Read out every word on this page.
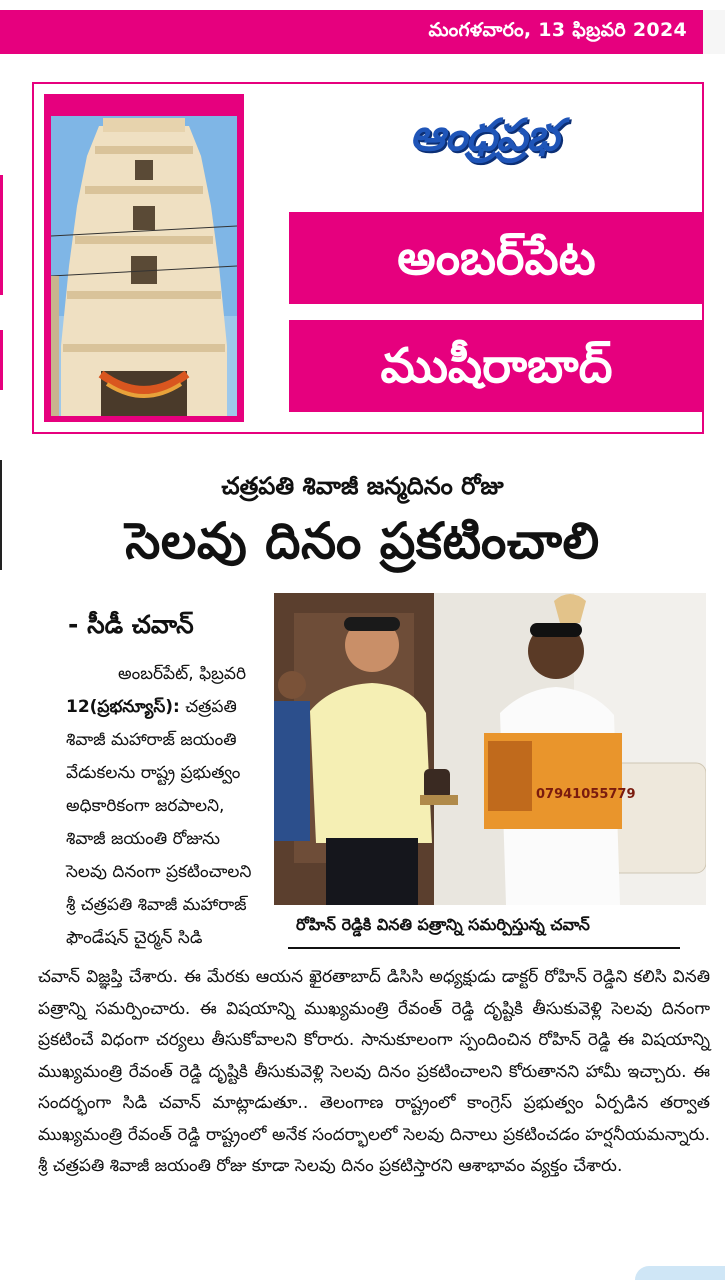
మంగళవారం, 13 ఫిబ్రవరి 2024
ఆంధ్రప్రభ
అంబర్‌పేట
ముషీరాబాద్
చత్రపతి శివాజీ జన్మదినం రోజు
సెలవు దినం ప్రకటించాలి
- సీడీ చవాన్
అంబర్‌పేట్, ఫిబ్రవరి
12(ప్రభన్యూస్): చత్రపతి శివాజీ మహారాజ్ జయంతి వేడుకలను రాష్ట్ర ప్రభుత్వం అధికారికంగా జరపాలని, శివాజీ జయంతి రోజును సెలవు దినంగా ప్రకటించాలని శ్రీ చత్రపతి శివాజీ మహారాజ్ ఫౌండేషన్ చైర్మన్ సిడి
07941055779
రోహిన్ రెడ్డికి వినతి పత్రాన్ని సమర్పిస్తున్న చవాన్
చవాన్ విజ్ఞప్తి చేశారు. ఈ మేరకు ఆయన ఖైరతాబాద్ డిసిసి అధ్యక్షుడు డాక్టర్ రోహిన్ రెడ్డిని కలిసి వినతి పత్రాన్ని సమర్పించారు. ఈ విషయాన్ని ముఖ్యమంత్రి రేవంత్ రెడ్డి దృష్టికి తీసుకువెళ్లి సెలవు దినంగా ప్రకటించే విధంగా చర్యలు తీసుకోవాలని కోరారు. సానుకూలంగా స్పందించిన రోహిన్ రెడ్డి ఈ విషయాన్ని ముఖ్యమంత్రి రేవంత్ రెడ్డి దృష్టికి తీసుకువెళ్లి సెలవు దినం ప్రకటించాలని కోరుతానని హామీ ఇచ్చారు. ఈ సందర్భంగా సిడి చవాన్ మాట్లాడుతూ.. తెలంగాణ రాష్ట్రంలో కాంగ్రెస్ ప్రభుత్వం ఏర్పడిన తర్వాత ముఖ్యమంత్రి రేవంత్ రెడ్డి రాష్ట్రంలో అనేక సందర్భాలలో సెలవు దినాలు ప్రకటించడం హర్షనీయమన్నారు. శ్రీ చత్రపతి శివాజీ జయంతి రోజు కూడా సెలవు దినం ప్రకటిస్తారని ఆశాభావం వ్యక్తం చేశారు.
